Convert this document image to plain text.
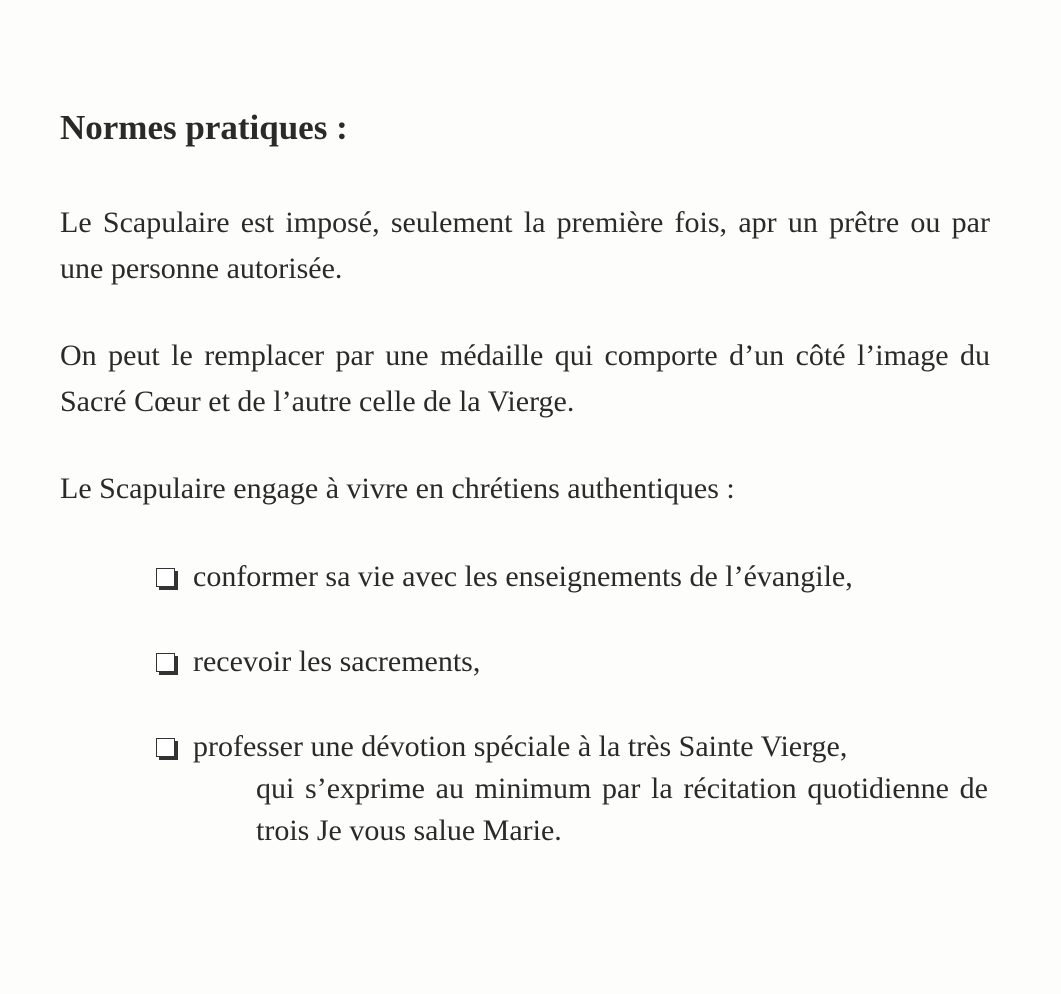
Normes pratiques :

Le Scapulaire est imposé, seulement la première fois, apr un prêtre ou par une personne autorisée.

On peut le remplacer par une médaille qui comporte d’un côté l’image du Sacré Cœur et de l’autre celle de la Vierge.

Le Scapulaire engage à vivre en chrétiens authentiques :

conformer sa vie avec les enseignements de l’évangile,
recevoir les sacrements,
professer une dévotion spéciale à la très Sainte Vierge,
qui s’exprime au minimum par la récitation quotidienne de trois Je vous salue Marie.
